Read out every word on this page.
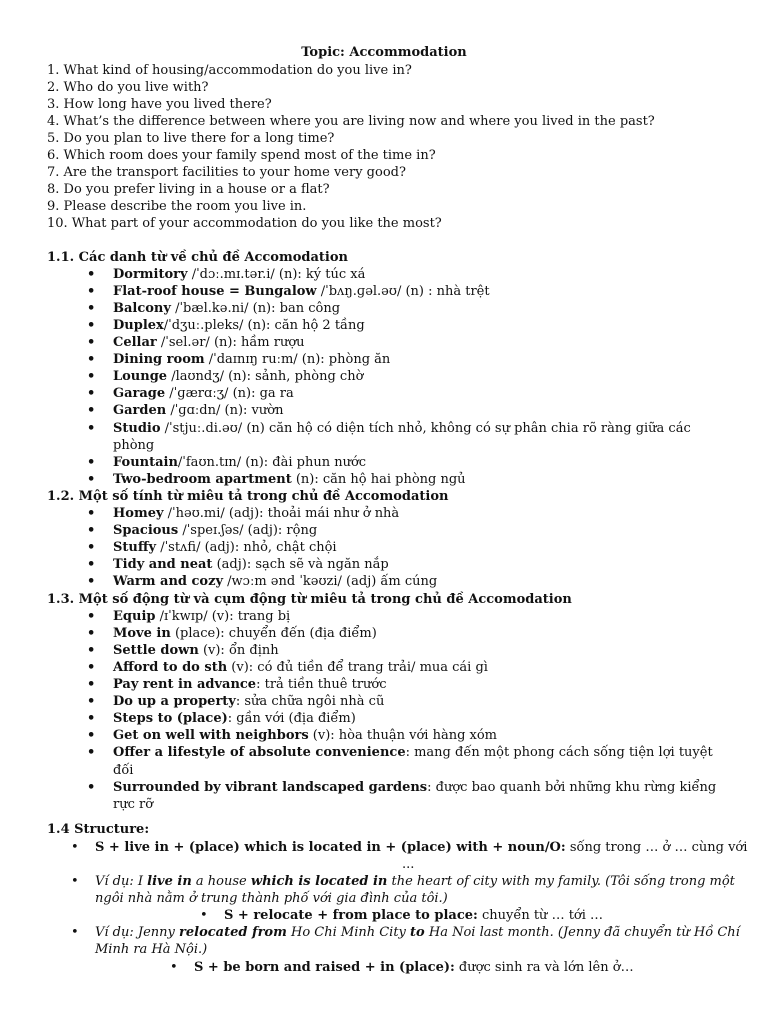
Topic: Accommodation
1. What kind of housing/accommodation do you live in?
2. Who do you live with?
3. How long have you lived there?
4. What’s the difference between where you are living now and where you lived in the past?
5. Do you plan to live there for a long time?
6. Which room does your family spend most of the time in?
7. Are the transport facilities to your home very good?
8. Do you prefer living in a house or a flat?
9. Please describe the room you live in.
10. What part of your accommodation do you like the most?
1.1. Các danh từ về chủ đề Accomodation
Dormitory /ˈdɔː.mɪ.tər.i/ (n): ký túc xá
Flat-roof house = Bungalow /ˈbʌŋ.ɡəl.əʊ/ (n) : nhà trệt
Balcony /ˈbæl.kə.ni/ (n): ban công
Duplex/ˈdʒuː.pleks/ (n): căn hộ 2 tầng
Cellar /ˈsel.ər/ (n): hầm rượu
Dining room /ˈdaɪnɪŋ ruːm/ (n): phòng ăn
Lounge /laʊndʒ/ (n): sảnh, phòng chờ
Garage /ˈɡærɑːʒ/ (n): ga ra
Garden /ˈɡɑːdn/ (n): vườn
Studio /ˈstjuː.di.əʊ/ (n) căn hộ có diện tích nhỏ, không có sự phân chia rõ ràng giữa các
phòng
Fountain/ˈfaʊn.tɪn/ (n): đài phun nước
Two-bedroom apartment (n): căn hộ hai phòng ngủ
1.2. Một số tính từ miêu tả trong chủ đề Accomodation
Homey /ˈhəʊ.mi/ (adj): thoải mái như ở nhà
Spacious /ˈspeɪ.ʃəs/ (adj): rộng
Stuffy /ˈstʌfi/ (adj): nhỏ, chật chội
Tidy and neat (adj): sạch sẽ và ngăn nắp
Warm and cozy /wɔːm ənd ˈkəʊzi/ (adj) ấm cúng
1.3. Một số động từ và cụm động từ miêu tả trong chủ đề Accomodation
Equip /ɪˈkwɪp/ (v): trang bị
Move in (place): chuyển đến (địa điểm)
Settle down (v): ổn định
Afford to do sth (v): có đủ tiền để trang trải/ mua cái gì
Pay rent in advance: trả tiền thuê trước
Do up a property: sửa chữa ngôi nhà cũ
Steps to (place): gần với (địa điểm)
Get on well with neighbors (v): hòa thuận với hàng xóm
Offer a lifestyle of absolute convenience: mang đến một phong cách sống tiện lợi tuyệt
đối
Surrounded by vibrant landscaped gardens: được bao quanh bởi những khu rừng kiểng
rực rỡ
1.4 Structure:
• S + live in + (place) which is located in + (place) with + noun/O: sống trong … ở … cùng với
...
• Ví dụ: I live in a house which is located in the heart of city with my family. (Tôi sống trong một
ngôi nhà nằm ở trung thành phố với gia đình của tôi.)
• S + relocate + from place to place: chuyển từ … tới …
• Ví dụ: Jenny relocated from Ho Chi Minh City to Ha Noi last month. (Jenny đã chuyển từ Hồ Chí
Minh ra Hà Nội.)
• S + be born and raised + in (place): được sinh ra và lớn lên ở…
